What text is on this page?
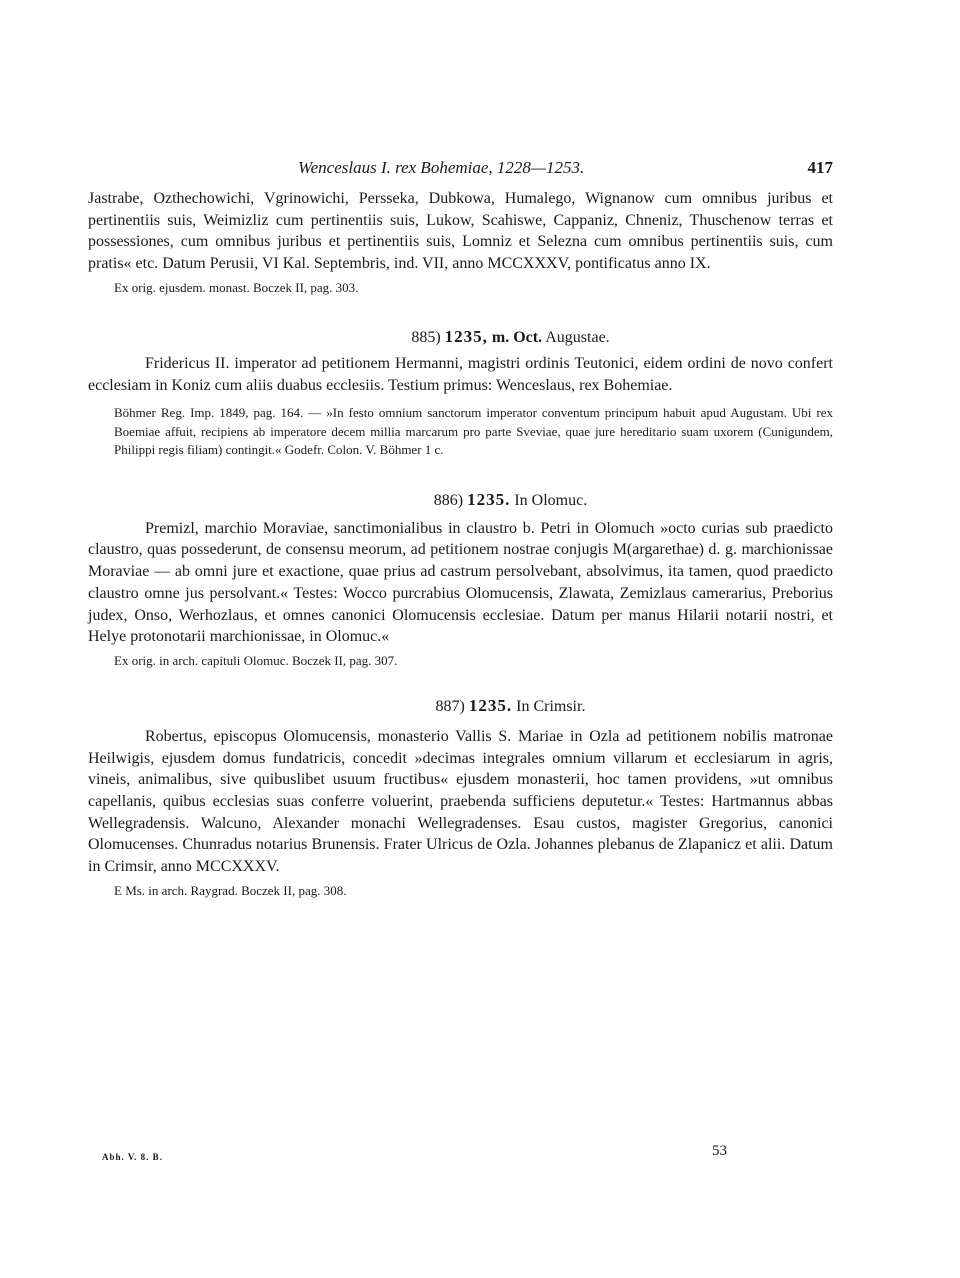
Wenceslaus I. rex Bohemiae, 1228—1253.	417

Jastrabe, Ozthechowichi, Vgrinowichi, Persseka, Dubkowa, Humalego, Wignanow cum omnibus juribus et pertinentiis suis, Weimizliz cum pertinentiis suis, Lukow, Scahiswe, Cappaniz, Chneniz, Thuschenow terras et possessiones, cum omnibus juribus et pertinentiis suis, Lomniz et Selezna cum omnibus pertinentiis suis, cum pratis« etc. Datum Perusii, VI Kal. Septembris, ind. VII, anno MCCXXXV, pontificatus anno IX.

Ex orig. ejusdem. monast. Boczek II, pag. 303.

885) 1235, m. Oct. Augustae.

Fridericus II. imperator ad petitionem Hermanni, magistri ordinis Teutonici, eidem ordini de novo confert ecclesiam in Koniz cum aliis duabus ecclesiis. Testium primus: Wenceslaus, rex Bohemiae.

Böhmer Reg. Imp. 1849, pag. 164. — »In festo omnium sanctorum imperator conventum principum habuit apud Augustam. Ubi rex Boemiae affuit, recipiens ab imperatore decem millia marcarum pro parte Sveviae, quae jure hereditario suam uxorem (Cunigundem, Philippi regis filiam) contingit.« Godefr. Colon. V. Böhmer 1 c.

886) 1235. In Olomuc.

Premizl, marchio Moraviae, sanctimonialibus in claustro b. Petri in Olomuch »octo curias sub praedicto claustro, quas possederunt, de consensu meorum, ad petitionem nostrae conjugis M(argarethae) d. g. marchionissae Moraviae — ab omni jure et exactione, quae prius ad castrum persolvebant, absolvimus, ita tamen, quod praedicto claustro omne jus persolvant.« Testes: Wocco purcrabius Olomucensis, Zlawata, Zemizlaus camerarius, Preborius judex, Onso, Werhozlaus, et omnes canonici Olomucensis ecclesiae. Datum per manus Hilarii notarii nostri, et Helye protonotarii marchionissae, in Olomuc.«

Ex orig. in arch. capituli Olomuc. Boczek II, pag. 307.

887) 1235. In Crimsir.

Robertus, episcopus Olomucensis, monasterio Vallis S. Mariae in Ozla ad petitionem nobilis matronae Heilwigis, ejusdem domus fundatricis, concedit »decimas integrales omnium villarum et ecclesiarum in agris, vineis, animalibus, sive quibuslibet usuum fructibus« ejusdem monasterii, hoc tamen providens, »ut omnibus capellanis, quibus ecclesias suas conferre voluerint, praebenda sufficiens deputetur.« Testes: Hartmannus abbas Wellegradensis. Walcuno, Alexander monachi Wellegradenses. Esau custos, magister Gregorius, canonici Olomucenses. Chunradus notarius Brunensis. Frater Ulricus de Ozla. Johannes plebanus de Zlapanicz et alii. Datum in Crimsir, anno MCCXXXV.

E Ms. in arch. Raygrad. Boczek II, pag. 308.

Abh. V. 8. B.	53
